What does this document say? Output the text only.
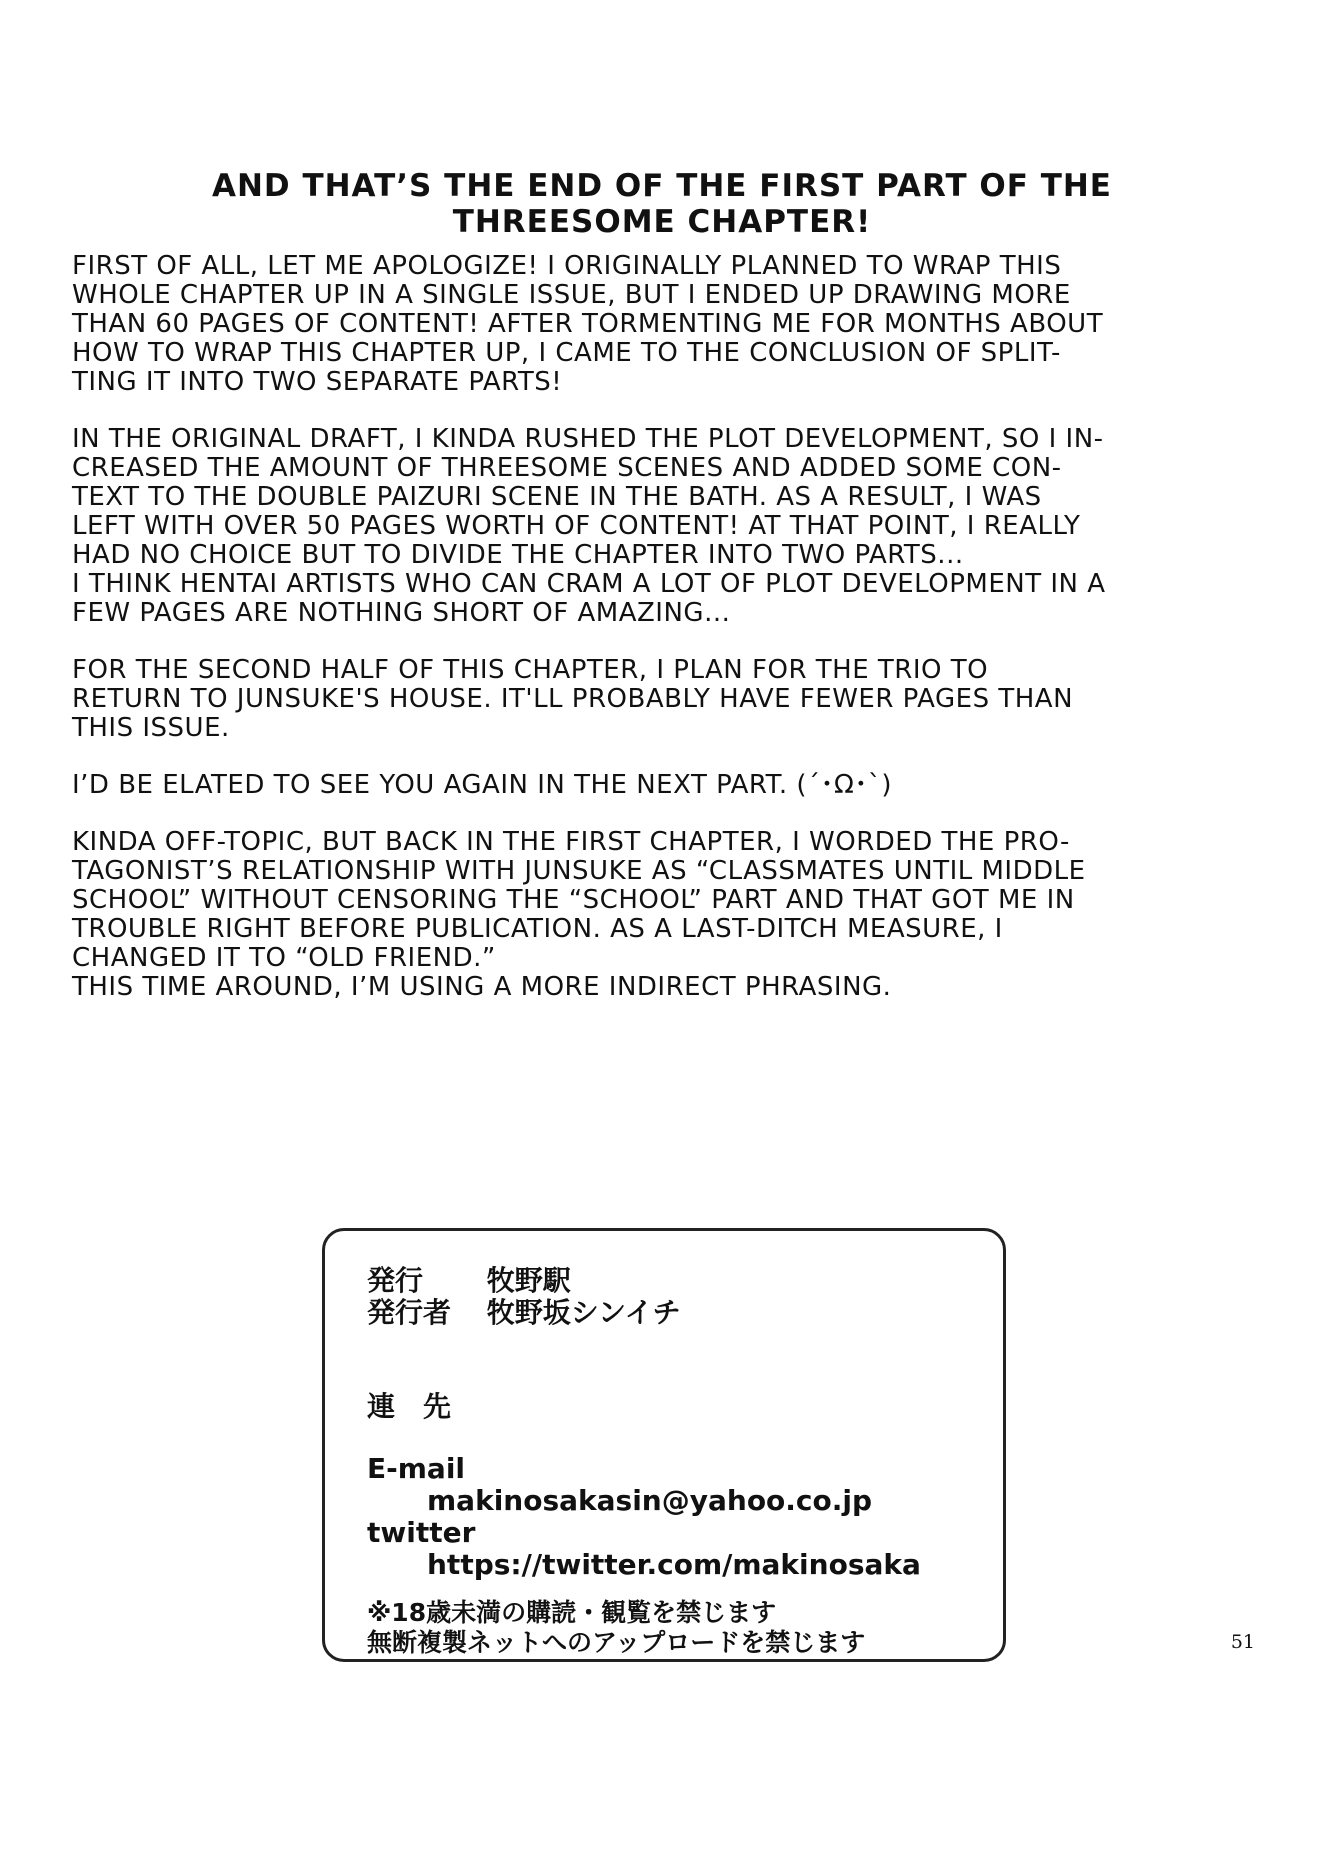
AND THAT’S THE END OF THE FIRST PART OF THE
THREESOME CHAPTER!
FIRST OF ALL, LET ME APOLOGIZE! I ORIGINALLY PLANNED TO WRAP THIS
WHOLE CHAPTER UP IN A SINGLE ISSUE, BUT I ENDED UP DRAWING MORE
THAN 60 PAGES OF CONTENT! AFTER TORMENTING ME FOR MONTHS ABOUT
HOW TO WRAP THIS CHAPTER UP, I CAME TO THE CONCLUSION OF SPLIT-
TING IT INTO TWO SEPARATE PARTS!
IN THE ORIGINAL DRAFT, I KINDA RUSHED THE PLOT DEVELOPMENT, SO I IN-
CREASED THE AMOUNT OF THREESOME SCENES AND ADDED SOME CON-
TEXT TO THE DOUBLE PAIZURI SCENE IN THE BATH. AS A RESULT, I WAS
LEFT WITH OVER 50 PAGES WORTH OF CONTENT! AT THAT POINT, I REALLY
HAD NO CHOICE BUT TO DIVIDE THE CHAPTER INTO TWO PARTS...
I THINK HENTAI ARTISTS WHO CAN CRAM A LOT OF PLOT DEVELOPMENT IN A
FEW PAGES ARE NOTHING SHORT OF AMAZING...
FOR THE SECOND HALF OF THIS CHAPTER, I PLAN FOR THE TRIO TO
RETURN TO JUNSUKE'S HOUSE. IT'LL PROBABLY HAVE FEWER PAGES THAN
THIS ISSUE.
I’D BE ELATED TO SEE YOU AGAIN IN THE NEXT PART. (´･Ω･`)
KINDA OFF-TOPIC, BUT BACK IN THE FIRST CHAPTER, I WORDED THE PRO-
TAGONIST’S RELATIONSHIP WITH JUNSUKE AS “CLASSMATES UNTIL MIDDLE
SCHOOL” WITHOUT CENSORING THE “SCHOOL” PART AND THAT GOT ME IN
TROUBLE RIGHT BEFORE PUBLICATION. AS A LAST-DITCH MEASURE, I
CHANGED IT TO “OLD FRIEND.”
THIS TIME AROUND, I’M USING A MORE INDIRECT PHRASING.
発行 牧野駅
発行者 牧野坂シンイチ
連　先
E-mail
makinosakasin@yahoo.co.jp
twitter
https://twitter.com/makinosaka
※18歳未満の購読・観覧を禁じます
無断複製ネットへのアップロードを禁じます	51
